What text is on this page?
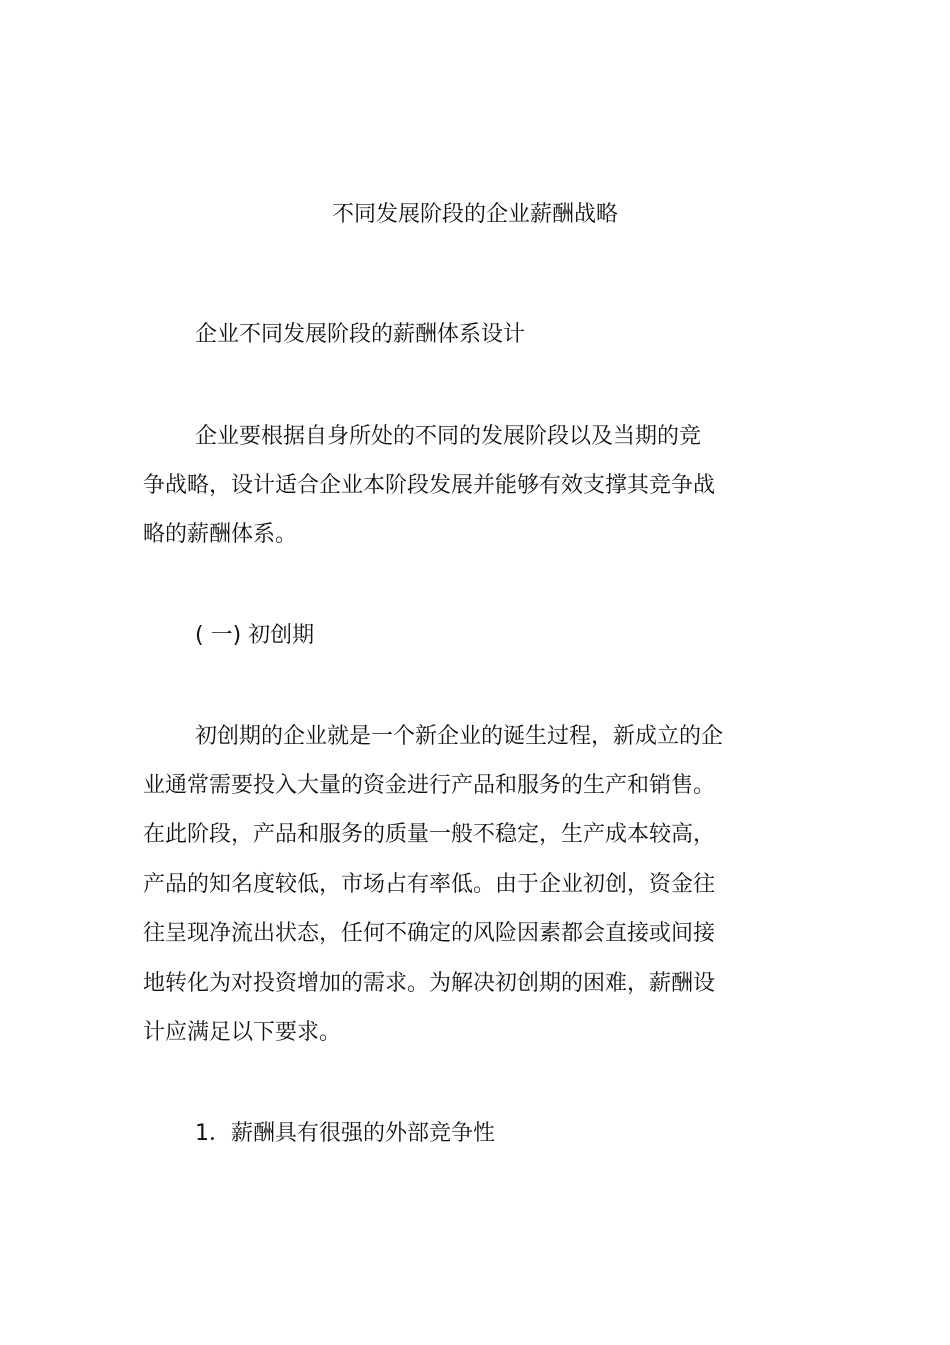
不同发展阶段的企业薪酬战略
企业不同发展阶段的薪酬体系设计
企业要根据自身所处的不同的发展阶段以及当期的竞
争战略，设计适合企业本阶段发展并能够有效支撑其竞争战
略的薪酬体系。
( 一) 初创期
初创期的企业就是一个新企业的诞生过程，新成立的企
业通常需要投入大量的资金进行产品和服务的生产和销售。
在此阶段，产品和服务的质量一般不稳定，生产成本较高，
产品的知名度较低，市场占有率低。由于企业初创，资金往
往呈现净流出状态，任何不确定的风险因素都会直接或间接
地转化为对投资增加的需求。为解决初创期的困难，薪酬设
计应满足以下要求。
1．薪酬具有很强的外部竞争性
